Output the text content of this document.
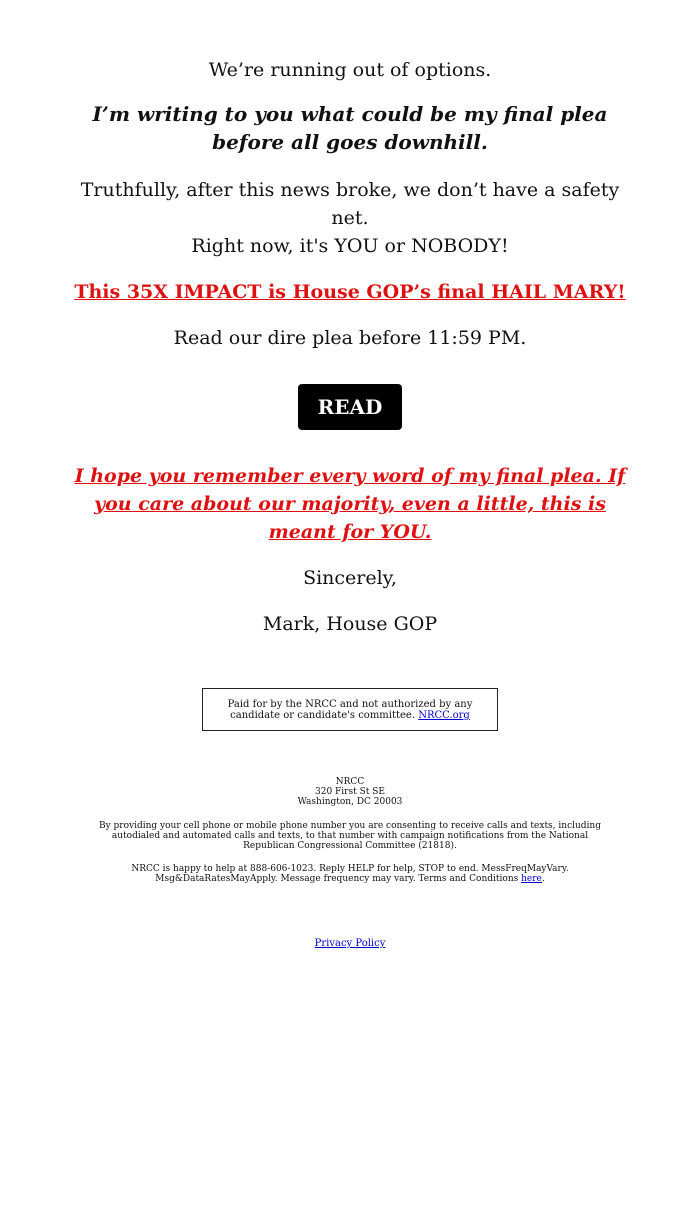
We’re running out of options.

I’m writing to you what could be my final plea
before all goes downhill.

Truthfully, after this news broke, we don’t have a safety net.
Right now, it's YOU or NOBODY!

This 35X IMPACT is House GOP’s final HAIL MARY!

Read our dire plea before 11:59 PM.

READ
I hope you remember every word of my final plea. If
you care about our majority, even a little, this is
meant for YOU.

Sincerely,

Mark, House GOP

Paid for by the NRCC and not authorized by any
candidate or candidate's committee. NRCC.org
NRCC
320 First St SE
Washington, DC 20003
By providing your cell phone or mobile phone number you are consenting to receive calls and texts, including
autodialed and automated calls and texts, to that number with campaign notifications from the National
Republican Congressional Committee (21818).
NRCC is happy to help at 888-606-1023. Reply HELP for help, STOP to end. MessFreqMayVary.
Msg&DataRatesMayApply. Message frequency may vary. Terms and Conditions here.
Privacy Policy
